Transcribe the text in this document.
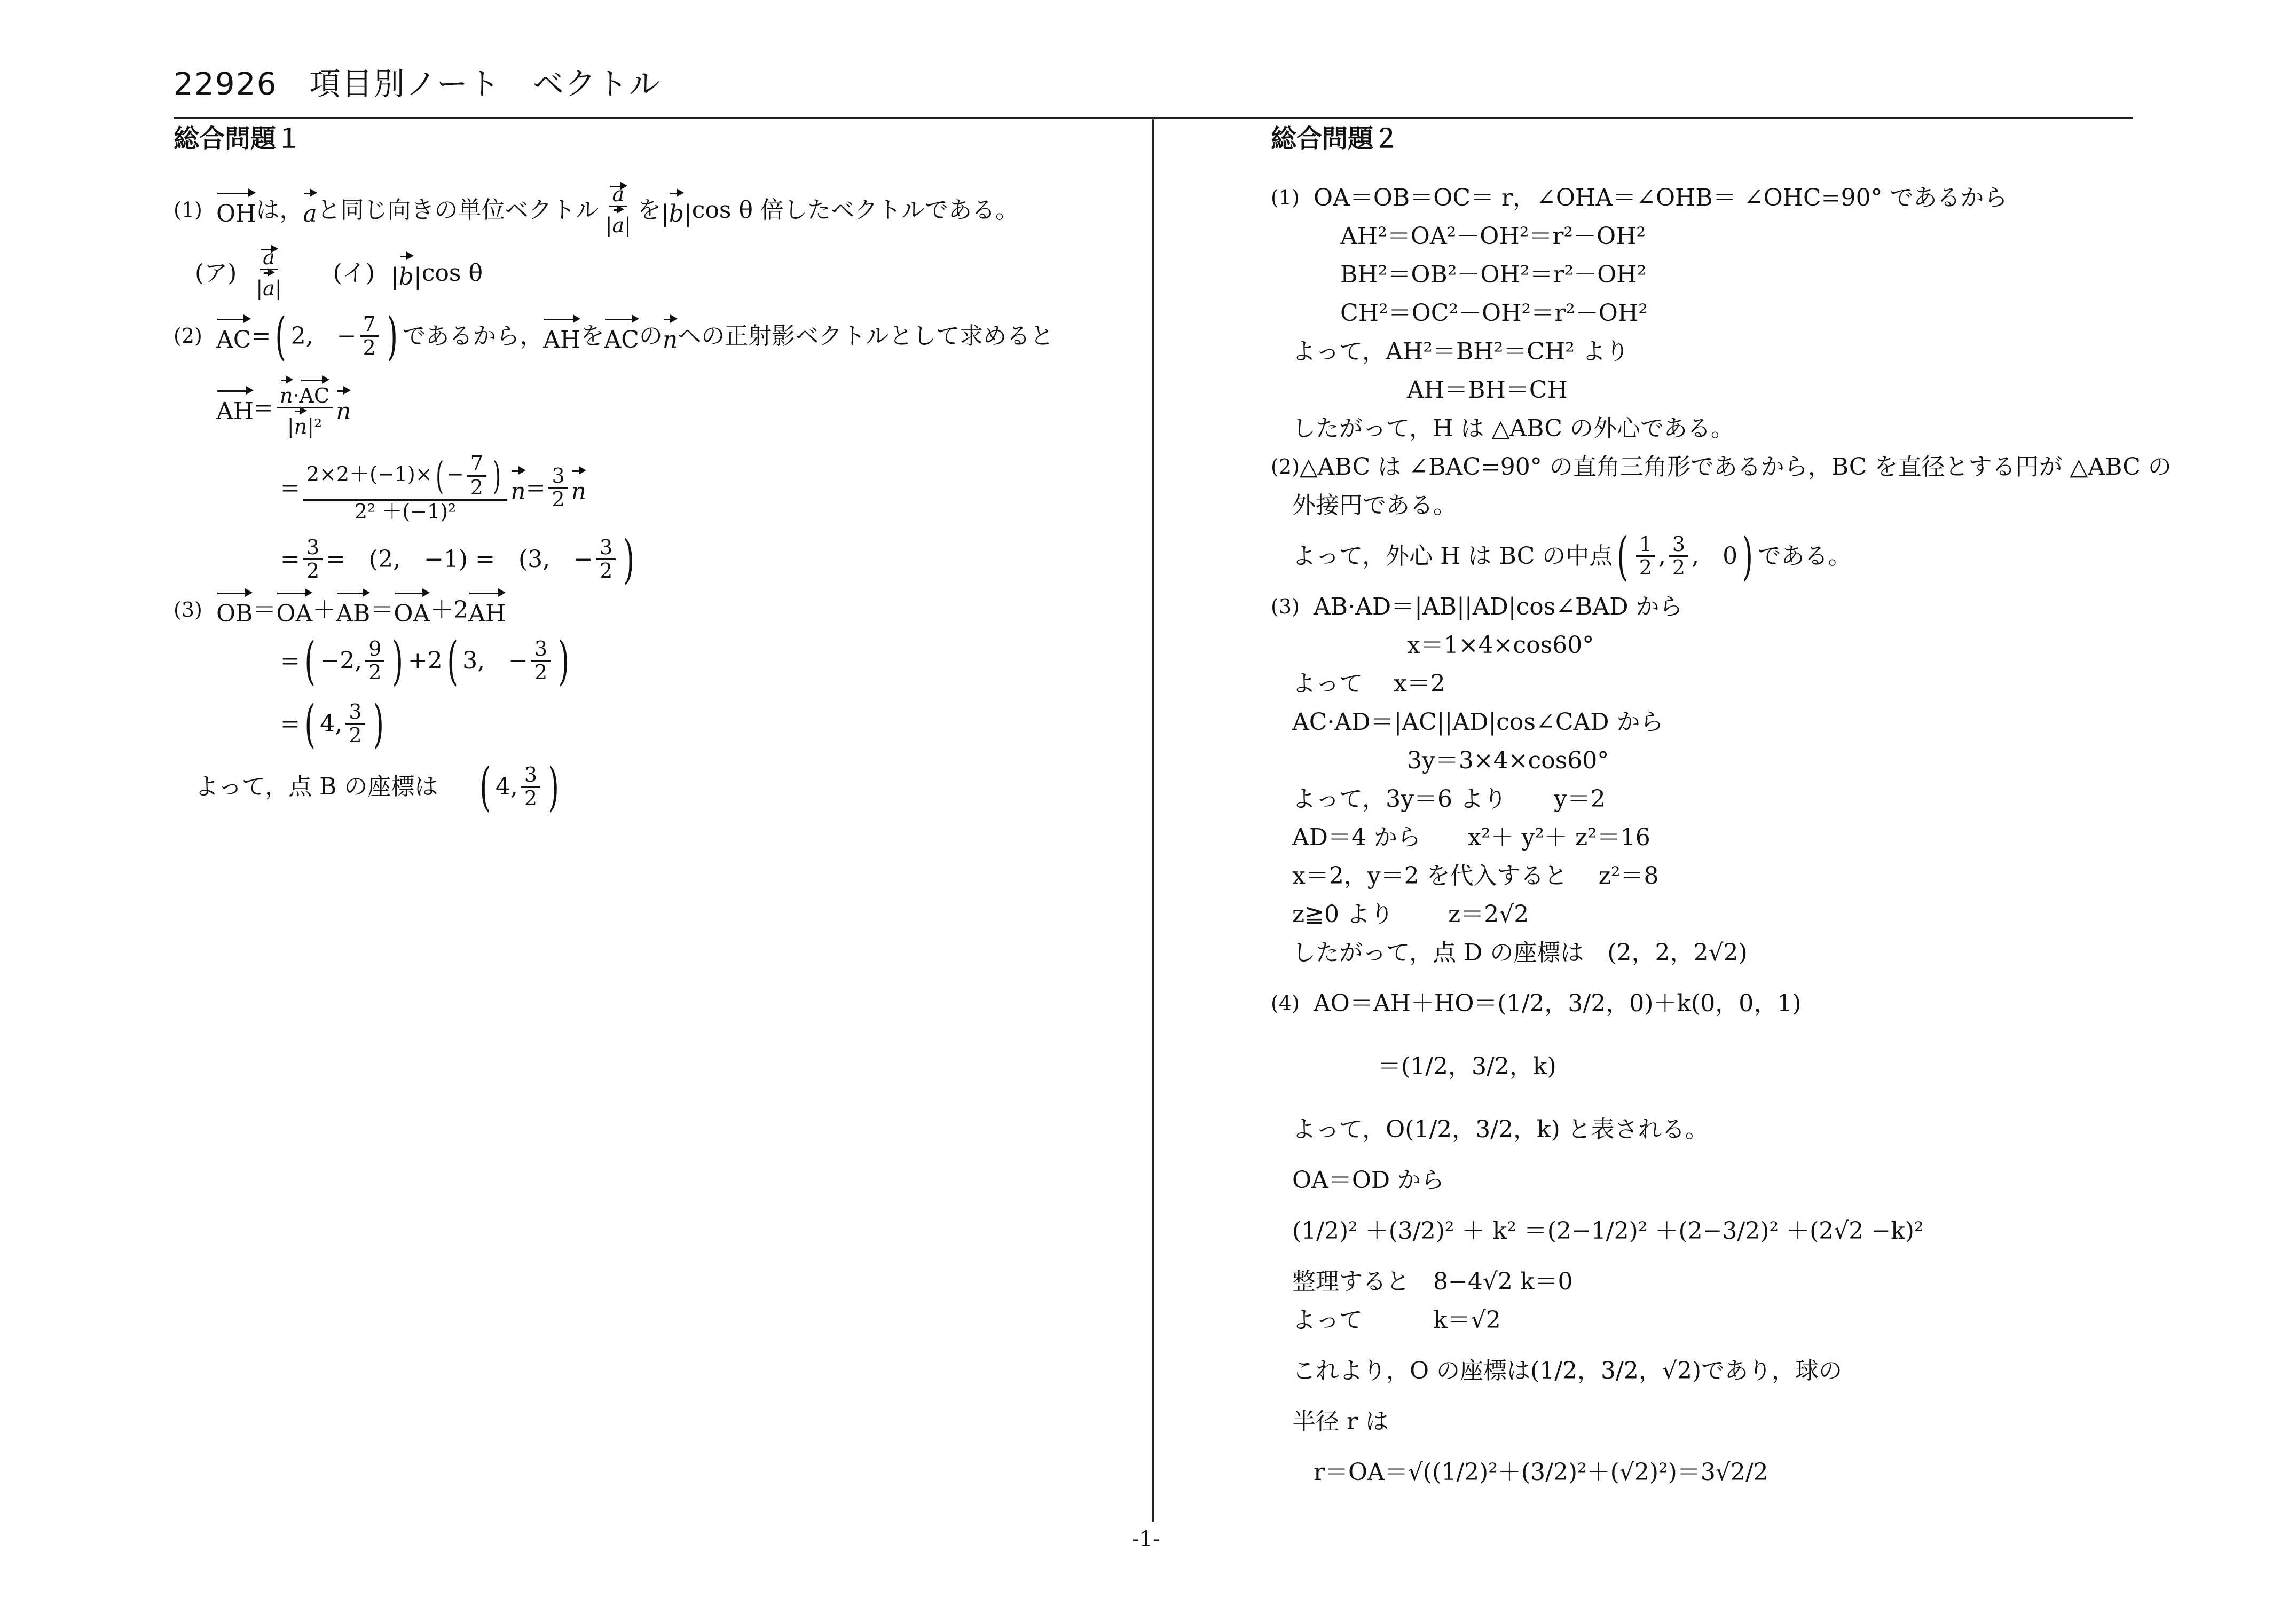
22926　項目別ノート　ベクトル
総合問題１
(1) OH は， a と同じ向きの単位ベクトル $\frac{a}{|a|}$ を |b| cos θ 倍したベクトルである。
(ア) $\frac{a}{|a|}$ (イ) |b| cos θ
(2) AC = ( 2,　− $\frac{7}{2}$ ) であるから， AH を AC の n への正射影ベクトルとして求めると
AH = $\frac{n\cdot AC}{\text{|n|²}}$ n
= $\frac{2\times 2+(-1)\times( - \frac{7}{2} )}{\text{2² ＋(−1)²}}$ $n = \frac{3}{2}$ n
= $\frac{3}{2}$ =　(2,　−1) =　(3,　− $\frac{3}{2}$ )
(3) OB ＝ OA ＋ AB ＝ OA ＋2 AH
= ( −2, $\frac{9}{2}$ ) +2 ( 3,　− $\frac{3}{2}$ )
= ( 4, $\frac{3}{2}$ )
よって，点 B の座標は ( 4, $\frac{3}{2}$ )
総合問題２
(1) OA＝OB＝OC＝ r，∠OHA＝∠OHB＝ ∠OHC=90° であるから
AH²＝OA²－OH²＝r²－OH²
BH²＝OB²－OH²＝r²－OH²
CH²＝OC²－OH²＝r²－OH²
よって，AH²＝BH²＝CH² より
AH＝BH＝CH
したがって，H は △ABC の外心である。
(2) △ABC は ∠BAC=90° の直角三角形であるから，BC を直径とする円が △ABC の
外接円である。
よって，外心 H は BC の中点 ( $\frac{1}{2}$ , $\frac{3}{2}$ ,　0 ) である。
(3) AB·AD＝|AB||AD|cos∠BAD から
x＝1×4×cos60°
よって　 x＝2
AC·AD＝|AC||AD|cos∠CAD から
3y＝3×4×cos60°
よって，3y＝6 より　　y＝2
AD＝4 から　　x²＋ y²＋ z²＝16
x＝2，y＝2 を代入すると　 z²＝8
z≧0 より　　 z＝2√2
したがって，点 D の座標は　(2，2，2√2)
(4) AO＝AH＋HO＝(1/2，3/2，0)＋k(0，0，1)
＝(1/2，3/2，k)
よって，O(1/2，3/2，k) と表される。
OA＝OD から
(1/2)² ＋(3/2)² ＋ k² ＝(2−1/2)² ＋(2−3/2)² ＋(2√2 −k)²
整理すると　8−4√2 k＝0
よって　　　k＝√2
これより，O の座標は(1/2，3/2，√2)であり，球の
半径 r は
r＝OA＝√((1/2)²＋(3/2)²＋(√2)²)＝3√2/2
-1-
